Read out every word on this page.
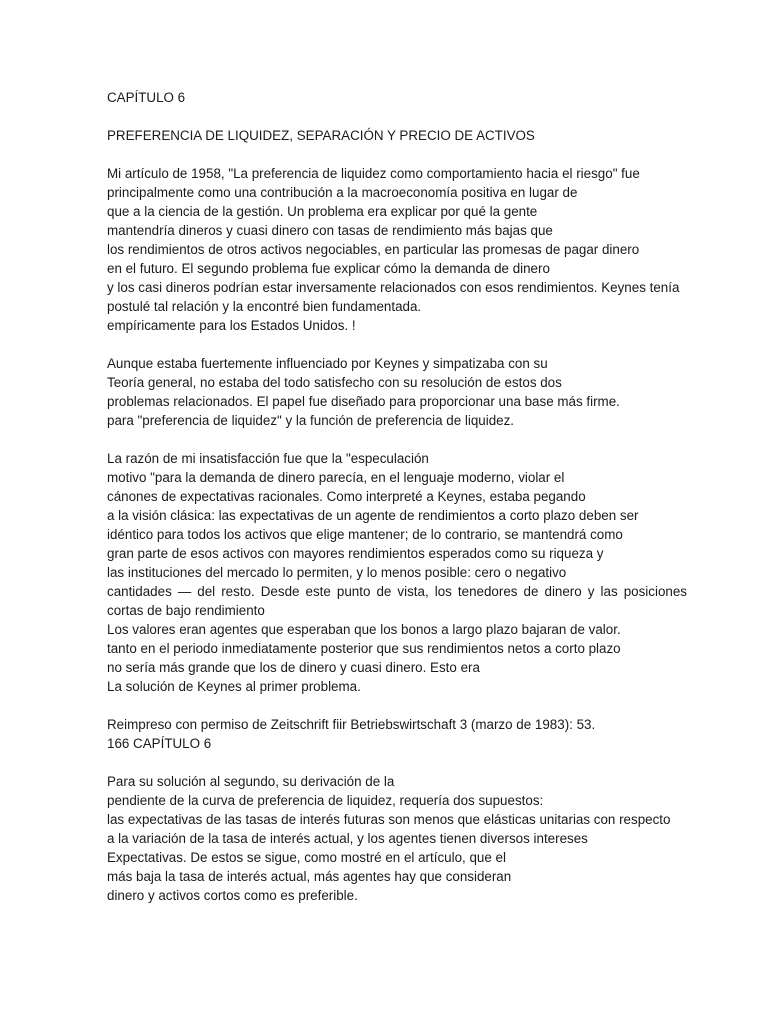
CAPÍTULO 6
PREFERENCIA DE LIQUIDEZ, SEPARACIÓN Y PRECIO DE ACTIVOS
Mi artículo de 1958, "La preferencia de liquidez como comportamiento hacia el riesgo" fue
principalmente como una contribución a la macroeconomía positiva en lugar de
que a la ciencia de la gestión. Un problema era explicar por qué la gente
mantendría dineros y cuasi dinero con tasas de rendimiento más bajas que
los rendimientos de otros activos negociables, en particular las promesas de pagar dinero
en el futuro. El segundo problema fue explicar cómo la demanda de dinero
y los casi dineros podrían estar inversamente relacionados con esos rendimientos. Keynes tenía
postulé tal relación y la encontré bien fundamentada.
empíricamente para los Estados Unidos. !
Aunque estaba fuertemente influenciado por Keynes y simpatizaba con su
Teoría general, no estaba del todo satisfecho con su resolución de estos dos
problemas relacionados. El papel fue diseñado para proporcionar una base más firme.
para "preferencia de liquidez" y la función de preferencia de liquidez.
La razón de mi insatisfacción fue que la "especulación
motivo "para la demanda de dinero parecía, en el lenguaje moderno, violar el
cánones de expectativas racionales. Como interpreté a Keynes, estaba pegando
a la visión clásica: las expectativas de un agente de rendimientos a corto plazo deben ser
idéntico para todos los activos que elige mantener; de lo contrario, se mantendrá como
gran parte de esos activos con mayores rendimientos esperados como su riqueza y
las instituciones del mercado lo permiten, y lo menos posible: cero o negativo
cantidades — del resto. Desde este punto de vista, los tenedores de dinero y las posiciones
cortas de bajo rendimiento
Los valores eran agentes que esperaban que los bonos a largo plazo bajaran de valor.
tanto en el periodo inmediatamente posterior que sus rendimientos netos a corto plazo
no sería más grande que los de dinero y cuasi dinero. Esto era
La solución de Keynes al primer problema.
Reimpreso con permiso de Zeitschrift fiir Betriebswirtschaft 3 (marzo de 1983): 53.
166 CAPÍTULO 6
Para su solución al segundo, su derivación de la
pendiente de la curva de preferencia de liquidez, requería dos supuestos:
las expectativas de las tasas de interés futuras son menos que elásticas unitarias con respecto
a la variación de la tasa de interés actual, y los agentes tienen diversos intereses
Expectativas. De estos se sigue, como mostré en el artículo, que el
más baja la tasa de interés actual, más agentes hay que consideran
dinero y activos cortos como es preferible.
